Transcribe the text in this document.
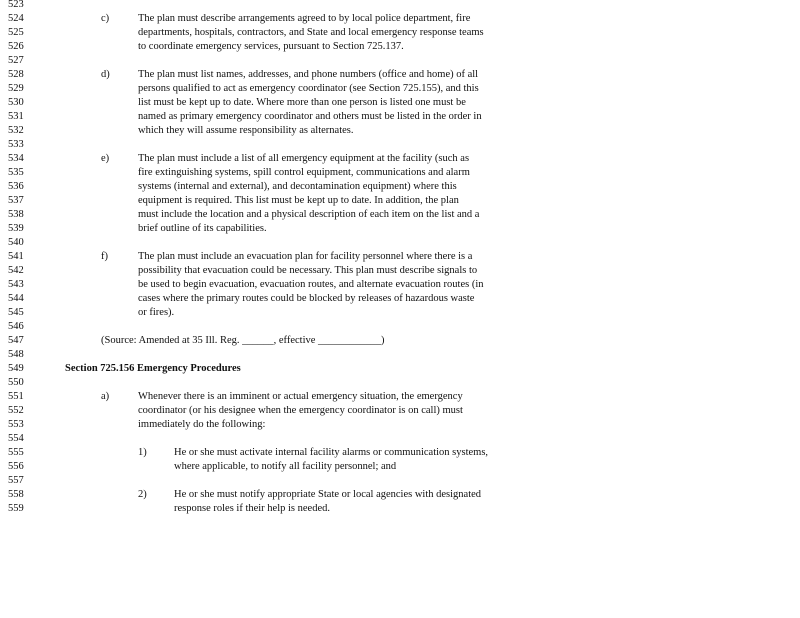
523
524
525
526
527
528
529
530
531
532
533
534
535
536
537
538
539
540
541
542
543
544
545
546
547
548
549
550
551
552
553
554
555
556
557
558
559
c)	The plan must describe arrangements agreed to by local police department, fire
departments, hospitals, contractors, and State and local emergency response teams
to coordinate emergency services, pursuant to Section 725.137.
d)	The plan must list names, addresses, and phone numbers (office and home) of all
persons qualified to act as emergency coordinator (see Section 725.155), and this
list must be kept up to date. Where more than one person is listed one must be
named as primary emergency coordinator and others must be listed in the order in
which they will assume responsibility as alternates.
e)	The plan must include a list of all emergency equipment at the facility (such as
fire extinguishing systems, spill control equipment, communications and alarm
systems (internal and external), and decontamination equipment) where this
equipment is required. This list must be kept up to date. In addition, the plan
must include the location and a physical description of each item on the list and a
brief outline of its capabilities.
f)	The plan must include an evacuation plan for facility personnel where there is a
possibility that evacuation could be necessary. This plan must describe signals to
be used to begin evacuation, evacuation routes, and alternate evacuation routes (in
cases where the primary routes could be blocked by releases of hazardous waste
or fires).
(Source: Amended at 35 Ill. Reg. ______, effective ____________)
Section 725.156 Emergency Procedures
a)	Whenever there is an imminent or actual emergency situation, the emergency
coordinator (or his designee when the emergency coordinator is on call) must
immediately do the following:
1)	He or she must activate internal facility alarms or communication systems,
where applicable, to notify all facility personnel; and
2)	He or she must notify appropriate State or local agencies with designated
response roles if their help is needed.
